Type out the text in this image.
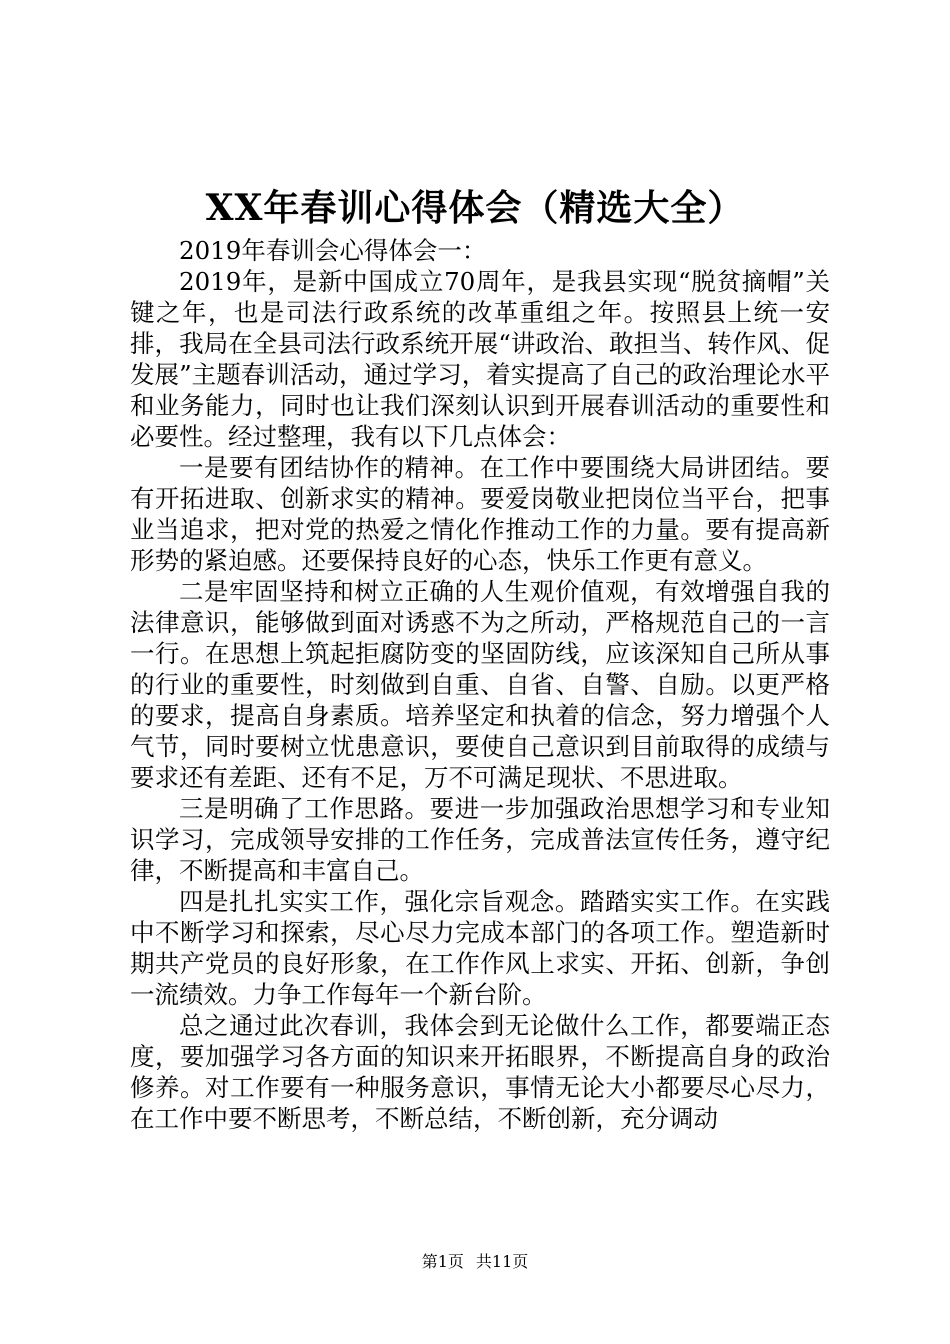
XX年春训心得体会（精选大全）

2019年春训会心得体会一：

2019年，是新中国成立70周年，是我县实现“脱贫摘帽”关键之年，也是司法行政系统的改革重组之年。按照县上统一安排，我局在全县司法行政系统开展“讲政治、敢担当、转作风、促发展”主题春训活动，通过学习，着实提高了自己的政治理论水平和业务能力，同时也让我们深刻认识到开展春训活动的重要性和必要性。经过整理，我有以下几点体会：

一是要有团结协作的精神。在工作中要围绕大局讲团结。要有开拓进取、创新求实的精神。要爱岗敬业把岗位当平台，把事业当追求，把对党的热爱之情化作推动工作的力量。要有提高新形势的紧迫感。还要保持良好的心态，快乐工作更有意义。

二是牢固坚持和树立正确的人生观价值观，有效增强自我的法律意识，能够做到面对诱惑不为之所动，严格规范自己的一言一行。在思想上筑起拒腐防变的坚固防线，应该深知自己所从事的行业的重要性，时刻做到自重、自省、自警、自励。以更严格的要求，提高自身素质。培养坚定和执着的信念，努力增强个人气节，同时要树立忧患意识，要使自己意识到目前取得的成绩与要求还有差距、还有不足，万不可满足现状、不思进取。

三是明确了工作思路。要进一步加强政治思想学习和专业知识学习，完成领导安排的工作任务，完成普法宣传任务，遵守纪律，不断提高和丰富自己。

四是扎扎实实工作，强化宗旨观念。踏踏实实工作。在实践中不断学习和探索，尽心尽力完成本部门的各项工作。塑造新时期共产党员的良好形象，在工作作风上求实、开拓、创新，争创一流绩效。力争工作每年一个新台阶。

总之通过此次春训，我体会到无论做什么工作，都要端正态度，要加强学习各方面的知识来开拓眼界，不断提高自身的政治修养。对工作要有一种服务意识，事情无论大小都要尽心尽力，在工作中要不断思考，不断总结，不断创新，充分调动

第1页 共11页
